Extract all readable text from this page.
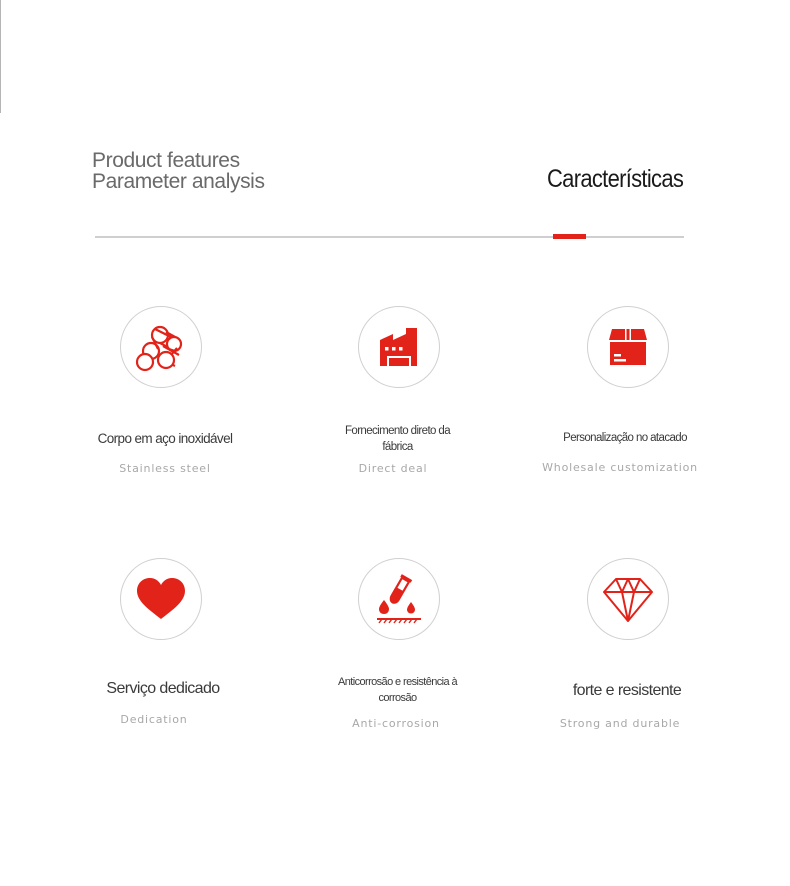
Product features
Parameter analysis	Características
Corpo em aço inoxidável
Stainless steel
Fornecimento direto da fábrica
Direct deal
Personalização no atacado
Wholesale customization
Serviço dedicado
Dedication
Anticorrosão e resistência à corrosão
Anti-corrosion
forte e resistente
Strong and durable
